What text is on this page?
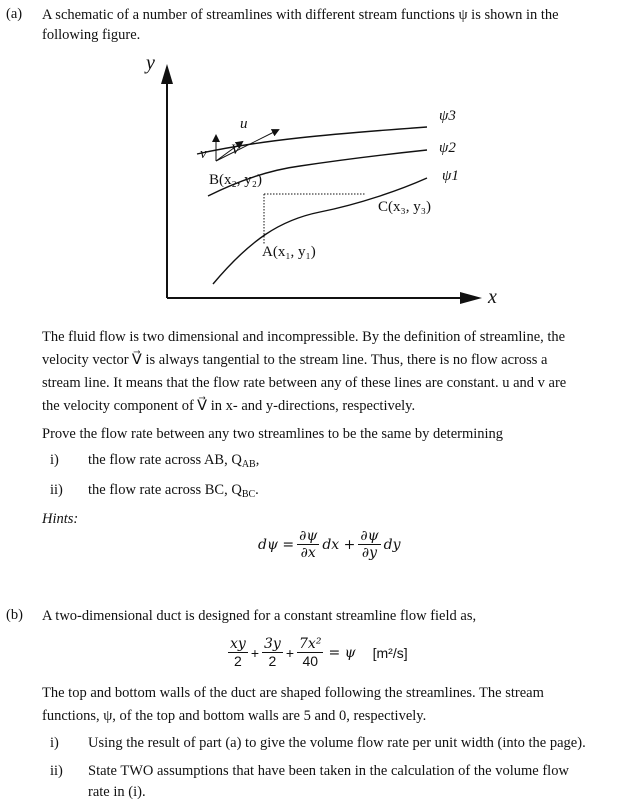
(a) A schematic of a number of streamlines with different stream functions ψ is shown in the
following figure.
y
x
u
v V⃗
ψ3
ψ2
ψ1
B(x₂, y₂)
C(x₃, y₃)
A(x₁, y₁)
The fluid flow is two dimensional and incompressible. By the definition of streamline, the
velocity vector V⃗ is always tangential to the stream line. Thus, there is no flow across a
stream line. It means that the flow rate between any of these lines are constant. u and v are
the velocity component of V⃗ in x- and y-directions, respectively.
Prove the flow rate between any two streamlines to be the same by determining
i) the flow rate across AB, $Q_{AB}$,
ii) the flow rate across BC, $Q_{BC}$.
Hints:
$d\psi = \frac{\partial\psi}{\partial x}$ dx + $\frac{\partial\psi}{\partial y}$ dy
(b) A two-dimensional duct is designed for a constant streamline flow field as,
$\frac{xy}{2} + \frac{3y}{2} + \frac{\text{7x²}}{40} = \psi$ [m²/s]
The top and bottom walls of the duct are shaped following the streamlines. The stream
functions, ψ, of the top and bottom walls are 5 and 0, respectively.
i) Using the result of part (a) to give the volume flow rate per unit width (into the page).
ii) State TWO assumptions that have been taken in the calculation of the volume flow
rate in (i).
